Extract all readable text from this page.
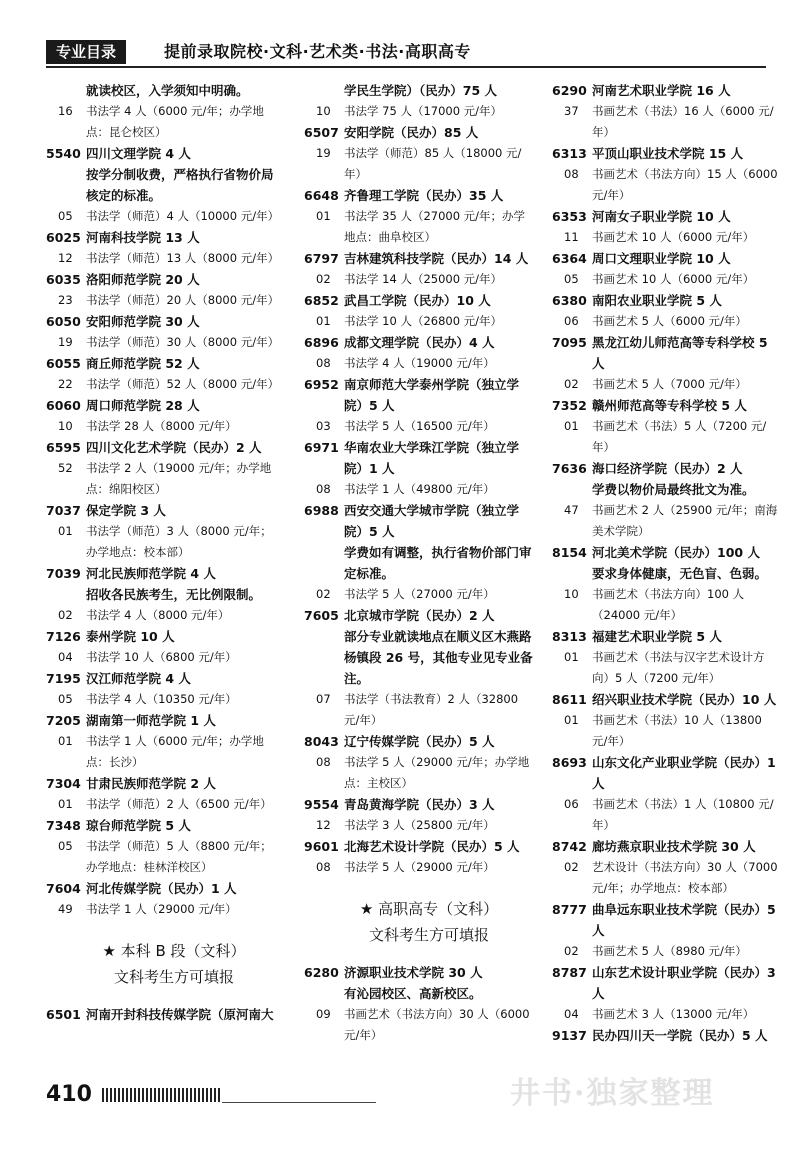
专业目录	提前录取院校·文科·艺术类·书法·高职高专
就读校区，入学须知中明确。
16 书法学 4 人（6000 元/年；办学地点：昆仑校区）
5540 四川文理学院 4 人
按学分制收费，严格执行省物价局核定的标准。
05 书法学（师范）4 人（10000 元/年）
6025 河南科技学院 13 人
12 书法学（师范）13 人（8000 元/年）
6035 洛阳师范学院 20 人
23 书法学（师范）20 人（8000 元/年）
6050 安阳师范学院 30 人
19 书法学（师范）30 人（8000 元/年）
6055 商丘师范学院 52 人
22 书法学（师范）52 人（8000 元/年）
6060 周口师范学院 28 人
10 书法学 28 人（8000 元/年）
6595 四川文化艺术学院（民办）2 人
52 书法学 2 人（19000 元/年；办学地点：绵阳校区）
7037 保定学院 3 人
01 书法学（师范）3 人（8000 元/年；办学地点：校本部）
7039 河北民族师范学院 4 人
招收各民族考生，无比例限制。
02 书法学 4 人（8000 元/年）
7126 泰州学院 10 人
04 书法学 10 人（6800 元/年）
7195 汉江师范学院 4 人
05 书法学 4 人（10350 元/年）
7205 湖南第一师范学院 1 人
01 书法学 1 人（6000 元/年；办学地点：长沙）
7304 甘肃民族师范学院 2 人
01 书法学（师范）2 人（6500 元/年）
7348 琼台师范学院 5 人
05 书法学（师范）5 人（8800 元/年；办学地点：桂林洋校区）
7604 河北传媒学院（民办）1 人
49 书法学 1 人（29000 元/年）
★ 本科 B 段（文科）
文科考生方可填报
6501 河南开封科技传媒学院（原河南大
学民生学院）（民办）75 人
10 书法学 75 人（17000 元/年）
6507 安阳学院（民办）85 人
19 书法学（师范）85 人（18000 元/年）
6648 齐鲁理工学院（民办）35 人
01 书法学 35 人（27000 元/年；办学地点：曲阜校区）
6797 吉林建筑科技学院（民办）14 人
02 书法学 14 人（25000 元/年）
6852 武昌工学院（民办）10 人
01 书法学 10 人（26800 元/年）
6896 成都文理学院（民办）4 人
08 书法学 4 人（19000 元/年）
6952 南京师范大学泰州学院（独立学院）5 人
03 书法学 5 人（16500 元/年）
6971 华南农业大学珠江学院（独立学院）1 人
08 书法学 1 人（49800 元/年）
6988 西安交通大学城市学院（独立学院）5 人
学费如有调整，执行省物价部门审定标准。
02 书法学 5 人（27000 元/年）
7605 北京城市学院（民办）2 人
部分专业就读地点在顺义区木燕路杨镇段 26 号，其他专业见专业备注。
07 书法学（书法教育）2 人（32800 元/年）
8043 辽宁传媒学院（民办）5 人
08 书法学 5 人（29000 元/年；办学地点：主校区）
9554 青岛黄海学院（民办）3 人
12 书法学 3 人（25800 元/年）
9601 北海艺术设计学院（民办）5 人
08 书法学 5 人（29000 元/年）
★ 高职高专（文科）
文科考生方可填报
6280 济源职业技术学院 30 人
有沁园校区、高新校区。
09 书画艺术（书法方向）30 人（6000 元/年）
6290 河南艺术职业学院 16 人
37 书画艺术（书法）16 人（6000 元/年）
6313 平顶山职业技术学院 15 人
08 书画艺术（书法方向）15 人（6000 元/年）
6353 河南女子职业学院 10 人
11 书画艺术 10 人（6000 元/年）
6364 周口文理职业学院 10 人
05 书画艺术 10 人（6000 元/年）
6380 南阳农业职业学院 5 人
06 书画艺术 5 人（6000 元/年）
7095 黑龙江幼儿师范高等专科学校 5 人
02 书画艺术 5 人（7000 元/年）
7352 赣州师范高等专科学校 5 人
01 书画艺术（书法）5 人（7200 元/年）
7636 海口经济学院（民办）2 人
学费以物价局最终批文为准。
47 书画艺术 2 人（25900 元/年；南海美术学院）
8154 河北美术学院（民办）100 人
要求身体健康，无色盲、色弱。
10 书画艺术（书法方向）100 人（24000 元/年）
8313 福建艺术职业学院 5 人
01 书画艺术（书法与汉字艺术设计方向）5 人（7200 元/年）
8611 绍兴职业技术学院（民办）10 人
01 书画艺术（书法）10 人（13800 元/年）
8693 山东文化产业职业学院（民办）1 人
06 书画艺术（书法）1 人（10800 元/年）
8742 廊坊燕京职业技术学院 30 人
02 艺术设计（书法方向）30 人（7000 元/年；办学地点：校本部）
8777 曲阜远东职业技术学院（民办）5 人
02 书画艺术 5 人（8980 元/年）
8787 山东艺术设计职业学院（民办）3 人
04 书画艺术 3 人（13000 元/年）
9137 民办四川天一学院（民办）5 人
410	井书·独家整理
